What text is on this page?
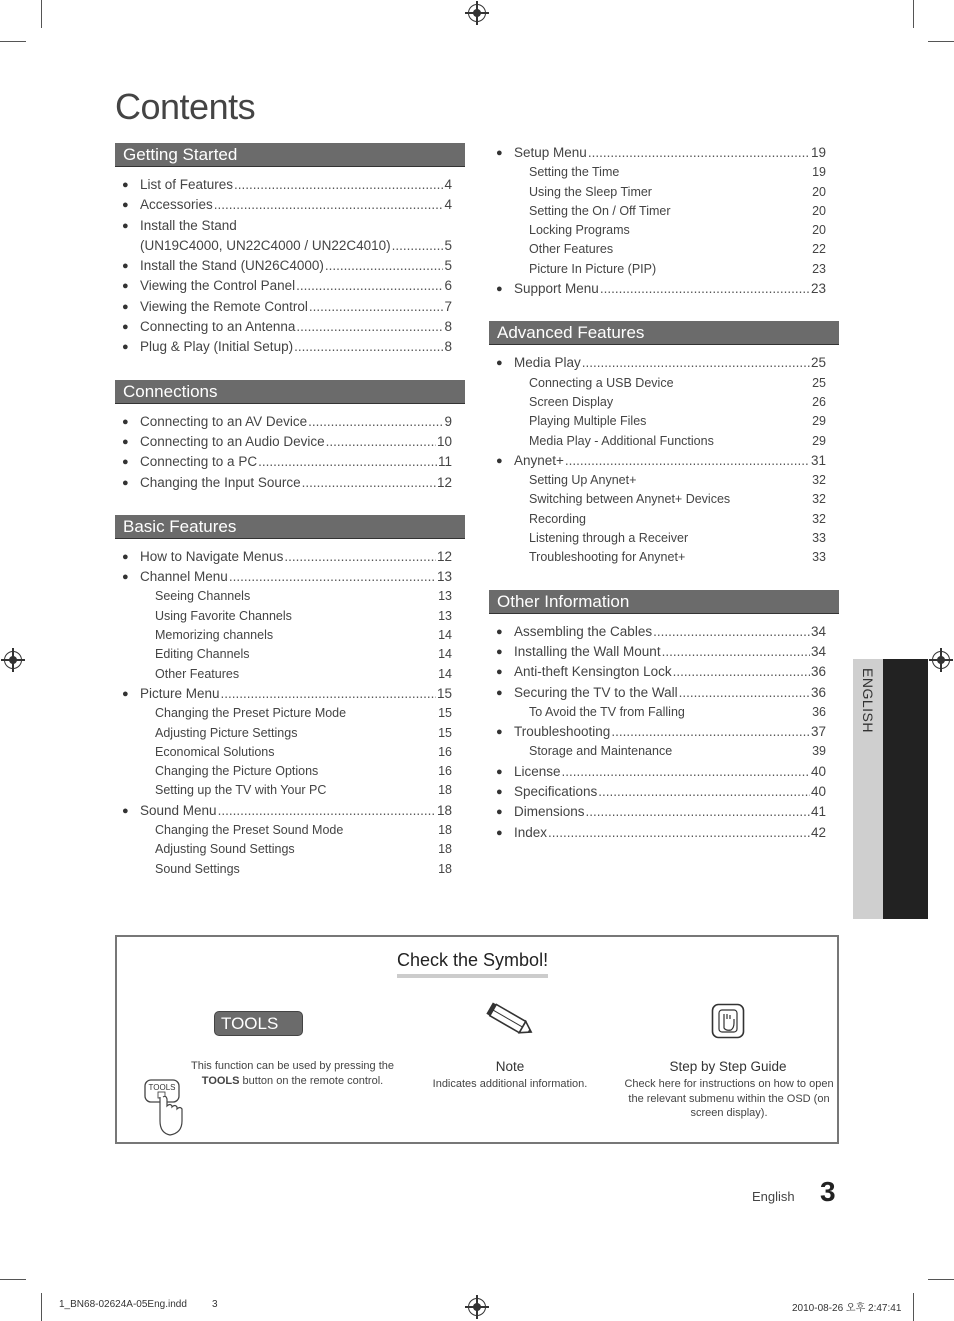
Contents
Getting Started
● List of Features .....	4
● Accessories .....	4
● Install the Stand
(UN19C4000, UN22C4000 / UN22C4010) .....	5
● Install the Stand (UN26C4000) .....	5
● Viewing the Control Panel .....	6
● Viewing the Remote Control .....	7
● Connecting to an Antenna .....	8
● Plug & Play (Initial Setup) .....	8
Connections
● Connecting to an AV Device .....	9
● Connecting to an Audio Device .....	10
● Connecting to a PC .....	11
● Changing the Input Source .....	12
Basic Features
● How to Navigate Menus .....	12
● Channel Menu .....	13
Seeing Channels	13
Using Favorite Channels	13
Memorizing channels	14
Editing Channels	14
Other Features	14
● Picture Menu .....	15
Changing the Preset Picture Mode	15
Adjusting Picture Settings	15
Economical Solutions	16
Changing the Picture Options	16
Setting up the TV with Your PC	18
● Sound Menu .....	18
Changing the Preset Sound Mode	18
Adjusting Sound Settings	18
Sound Settings	18
● Setup Menu .....	19
Setting the Time	19
Using the Sleep Timer	20
Setting the On / Off Timer	20
Locking Programs	20
Other Features	22
Picture In Picture (PIP)	23
● Support Menu .....	23
Advanced Features
● Media Play .....	25
Connecting a USB Device	25
Screen Display	26
Playing Multiple Files	29
Media Play - Additional Functions	29
● Anynet+ .....	31
Setting Up Anynet+	32
Switching between Anynet+ Devices	32
Recording	32
Listening through a Receiver	33
Troubleshooting for Anynet+	33
Other Information
● Assembling the Cables .....	34
● Installing the Wall Mount .....	34
● Anti-theft Kensington Lock .....	36
● Securing the TV to the Wall .....	36
To Avoid the TV from Falling	36
● Troubleshooting .....	37
Storage and Maintenance	39
● License .....	40
● Specifications .....	40
● Dimensions .....	41
● Index .....	42
ENGLISH
Check the Symbol!
TOOLS
TOOLS
This function can be used by pressing the
TOOLS button on the remote control.
Note
Indicates additional information.
Step by Step Guide
Check here for instructions on how to open the relevant submenu within the OSD (on screen display).
English 3
1_BN68-02624A-05Eng.indd	3	2010-08-26 오후 2:47:41
